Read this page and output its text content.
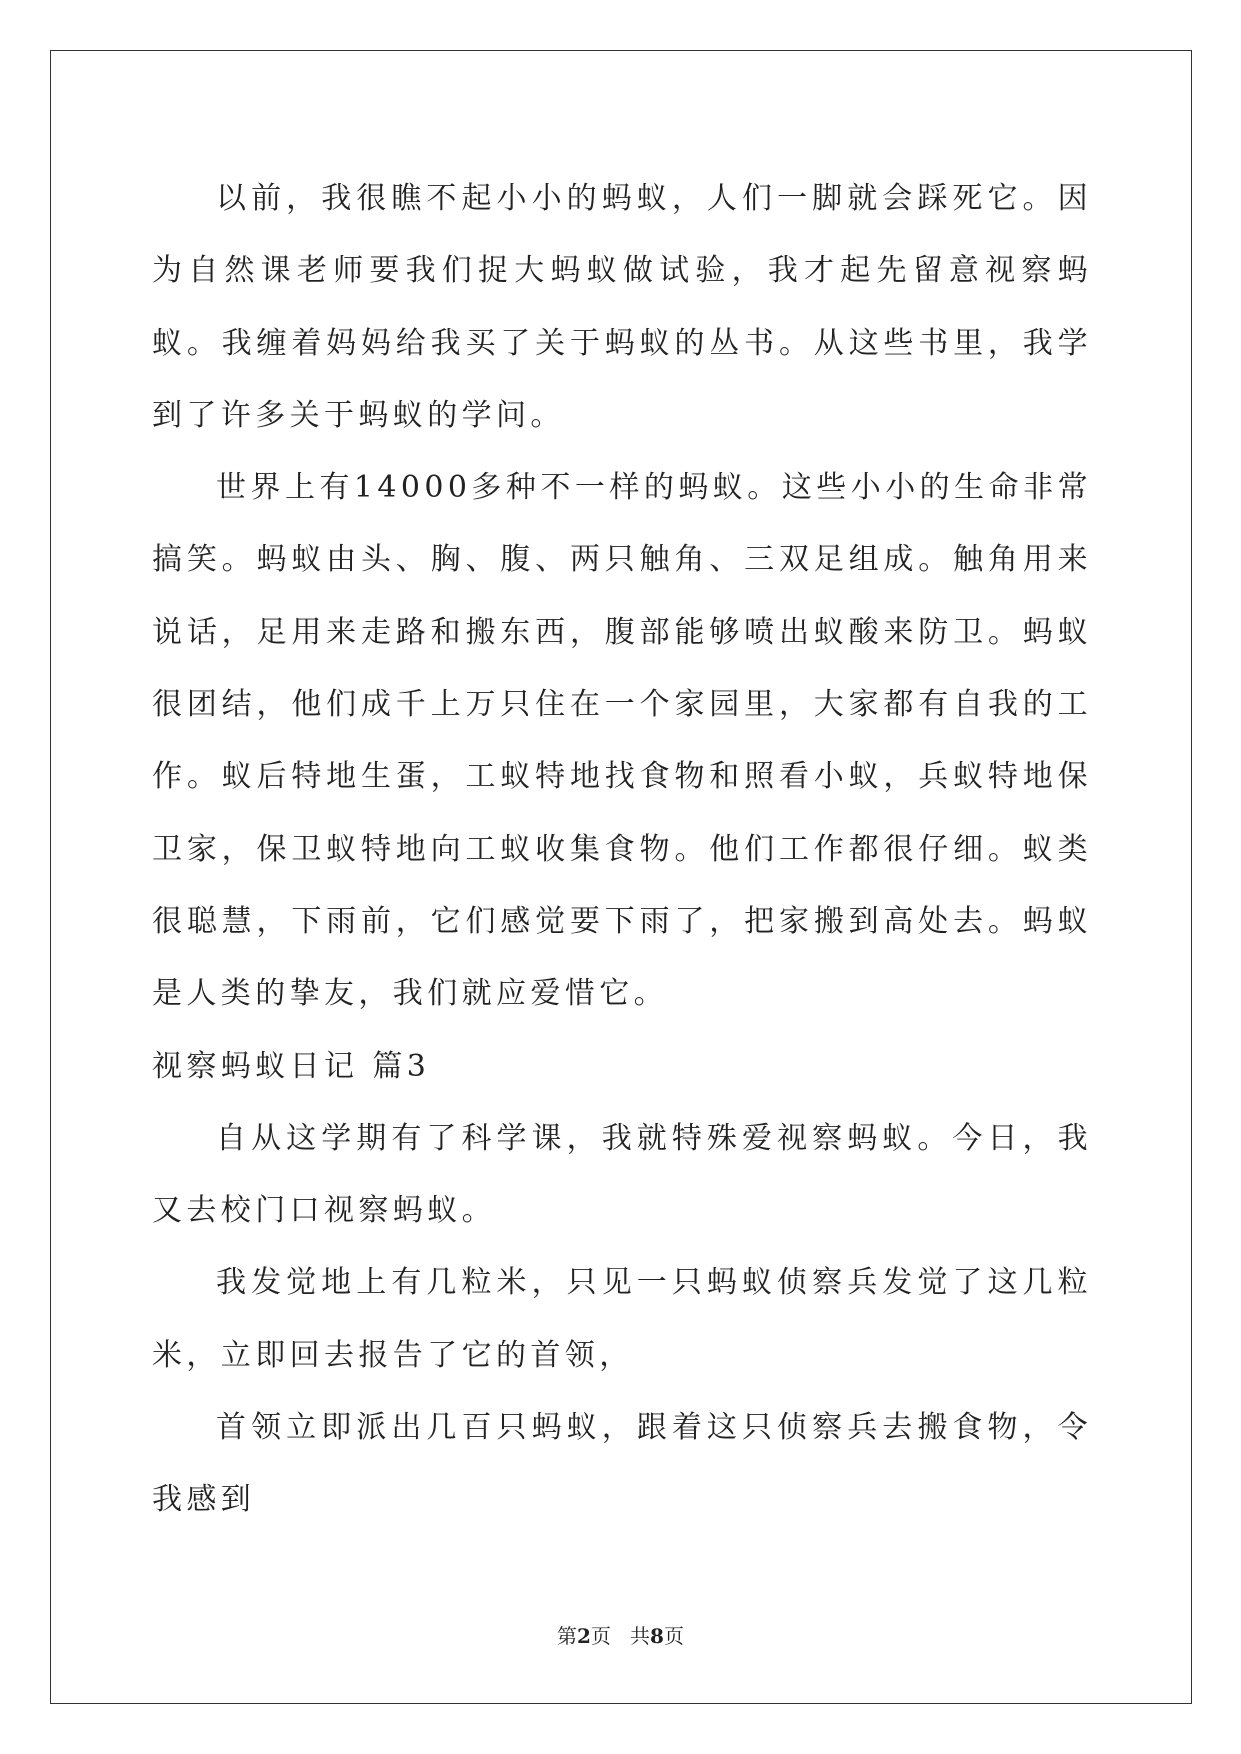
以前，我很瞧不起小小的蚂蚁，人们一脚就会踩死它。因为自然课老师要我们捉大蚂蚁做试验，我才起先留意视察蚂蚁。我缠着妈妈给我买了关于蚂蚁的丛书。从这些书里，我学到了许多关于蚂蚁的学问。

世界上有14000多种不一样的蚂蚁。这些小小的生命非常搞笑。蚂蚁由头、胸、腹、两只触角、三双足组成。触角用来说话，足用来走路和搬东西，腹部能够喷出蚁酸来防卫。蚂蚁很团结，他们成千上万只住在一个家园里，大家都有自我的工作。蚁后特地生蛋，工蚁特地找食物和照看小蚁，兵蚁特地保卫家，保卫蚁特地向工蚁收集食物。他们工作都很仔细。蚁类很聪慧，下雨前，它们感觉要下雨了，把家搬到高处去。蚂蚁是人类的挚友，我们就应爱惜它。

视察蚂蚁日记 篇3

自从这学期有了科学课，我就特殊爱视察蚂蚁。今日，我又去校门口视察蚂蚁。

我发觉地上有几粒米，只见一只蚂蚁侦察兵发觉了这几粒米，立即回去报告了它的首领，

首领立即派出几百只蚂蚁，跟着这只侦察兵去搬食物，令我感到

第2页 共8页
